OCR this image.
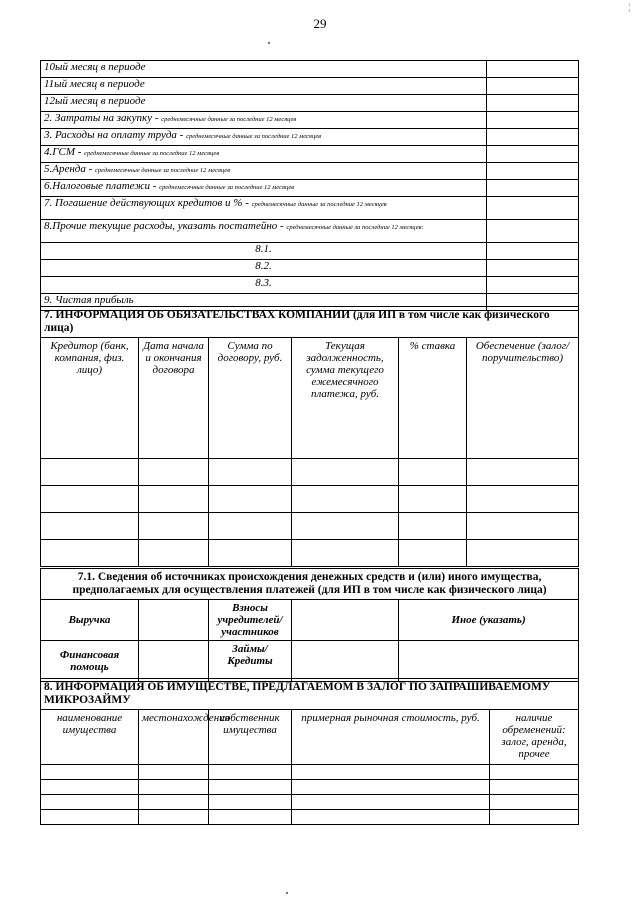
29
¦
10ый месяц в периоде	
11ый месяц в периоде	
12ый месяц в периоде	
2. Затраты на закупку - среднемесячные данные за последние 12 месяцев	
3. Расходы на оплату труда - среднемесячные данные за последние 12 месяцев	
4.ГСМ - среднемесячные данные за последние 12 месяцев	
5.Аренда - среднемесячные данные за последние 12 месяцев	
6.Налоговые платежи - среднемесячные данные за последние 12 месяцев	
7. Погашение действующих кредитов и % - среднемесячные данные за последние 12 месяцев	
8.Прочие текущие расходы, указать постатейно - среднемесячные данные за последние 12 месяцев:	
8.1.	
8.2.	
8.3.	
9. Чистая прибыль	
7. ИНФОРМАЦИЯ ОБ ОБЯЗАТЕЛЬСТВАХ КОМПАНИИ (для ИП в том числе как физического лица)					
Кредитор (банк, компания, физ. лицо)	Дата начала и окончания договора	Сумма по договору, руб.	Текущая задолженность, сумма текущего ежемесячного платежа, руб.	% ставка	Обеспечение (залог/поручительство)

7.1. Сведения об источниках происхождения денежных средств и (или) иного имущества, предполагаемых для осуществления платежей (для ИП в том числе как физического лица)				
Выручка		Взносы учредителей/ участников		Иное (указать)
Финансовая помощь		Займы/Кредиты		
8. ИНФОРМАЦИЯ ОБ ИМУЩЕСТВЕ, ПРЕДЛАГАЕМОМ В ЗАЛОГ ПО ЗАПРАШИВАЕМОМУ МИКРОЗАЙМУ				
наименование имущества	местонахождения	собственник имущества	примерная рыночная стоимость, руб.	наличие обременений: залог, аренда, прочее
